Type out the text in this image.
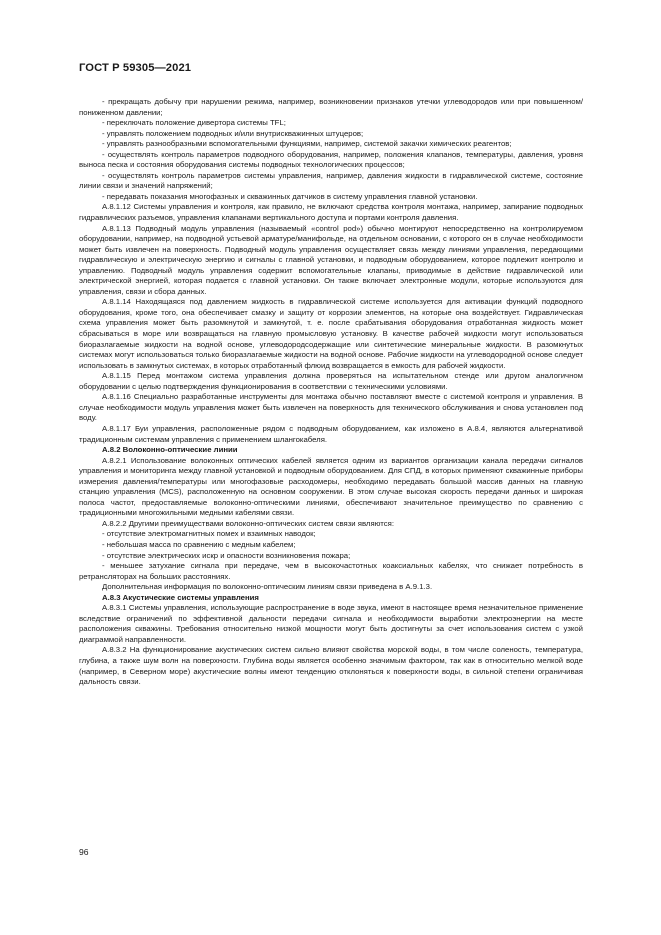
ГОСТ Р 59305—2021

- прекращать добычу при нарушении режима, например, возникновении признаков утечки углеводородов или при повышенном/пониженном давлении;

- переключать положение дивертора системы TFL;

- управлять положением подводных и/или внутрискважинных штуцеров;

- управлять разнообразными вспомогательными функциями, например, системой закачки химических реагентов;

- осуществлять контроль параметров подводного оборудования, например, положения клапанов, температуры, давления, уровня выноса песка и состояния оборудования системы подводных технологических процессов;

- осуществлять контроль параметров системы управления, например, давления жидкости в гидравлической системе, состояние линии связи и значений напряжений;

- передавать показания многофазных и скважинных датчиков в систему управления главной установки.

А.8.1.12 Системы управления и контроля, как правило, не включают средства контроля монтажа, например, запирание подводных гидравлических разъемов, управления клапанами вертикального доступа и портами контроля давления.

А.8.1.13 Подводный модуль управления (называемый «control pod») обычно монтируют непосредственно на контролируемом оборудовании, например, на подводной устьевой арматуре/манифольде, на отдельном основании, с которого он в случае необходимости может быть извлечен на поверхность. Подводный модуль управления осуществляет связь между линиями управления, передающими гидравлическую и электрическую энергию и сигналы с главной установки, и подводным оборудованием, которое подлежит контролю и управлению. Подводный модуль управления содержит вспомогательные клапаны, приводимые в действие гидравлической или электрической энергией, которая подается с главной установки. Он также включает электронные модули, которые используются для управления, связи и сбора данных.

А.8.1.14 Находящаяся под давлением жидкость в гидравлической системе используется для активации функций подводного оборудования, кроме того, она обеспечивает смазку и защиту от коррозии элементов, на которые она воздействует. Гидравлическая схема управления может быть разомкнутой и замкнутой, т. е. после срабатывания оборудования отработанная жидкость может сбрасываться в море или возвращаться на главную промысловую установку. В качестве рабочей жидкости могут использоваться биоразлагаемые жидкости на водной основе, углеводородсодержащие или синтетические минеральные жидкости. В разомкнутых системах могут использоваться только биоразлагаемые жидкости на водной основе. Рабочие жидкости на углеводородной основе следует использовать в замкнутых системах, в которых отработанный флюид возвращается в емкость для рабочей жидкости.

А.8.1.15 Перед монтажом система управления должна проверяться на испытательном стенде или другом аналогичном оборудовании с целью подтверждения функционирования в соответствии с техническими условиями.

А.8.1.16 Специально разработанные инструменты для монтажа обычно поставляют вместе с системой контроля и управления. В случае необходимости модуль управления может быть извлечен на поверхность для технического обслуживания и снова установлен под воду.

А.8.1.17 Буи управления, расположенные рядом с подводным оборудованием, как изложено в А.8.4, являются альтернативой традиционным системам управления с применением шлангокабеля.

А.8.2 Волоконно-оптические линии

А.8.2.1 Использование волоконных оптических кабелей является одним из вариантов организации канала передачи сигналов управления и мониторинга между главной установкой и подводным оборудованием. Для СПД, в которых применяют скважинные приборы измерения давления/температуры или многофазовые расходомеры, необходимо передавать большой массив данных на главную станцию управления (MCS), расположенную на основном сооружении. В этом случае высокая скорость передачи данных и широкая полоса частот, предоставляемые волоконно-оптическими линиями, обеспечивают значительное преимущество по сравнению с традиционными многожильными медными кабелями связи.

А.8.2.2 Другими преимуществами волоконно-оптических систем связи являются:

- отсутствие электромагнитных помех и взаимных наводок;

- небольшая масса по сравнению с медным кабелем;

- отсутствие электрических искр и опасности возникновения пожара;

- меньшее затухание сигнала при передаче, чем в высокочастотных коаксиальных кабелях, что снижает потребность в ретрансляторах на больших расстояниях.

Дополнительная информация по волоконно-оптическим линиям связи приведена в А.9.1.3.

А.8.3 Акустические системы управления

А.8.3.1 Системы управления, использующие распространение в воде звука, имеют в настоящее время незначительное применение вследствие ограничений по эффективной дальности передачи сигнала и необходимости выработки электроэнергии на месте расположения скважины. Требования относительно низкой мощности могут быть достигнуты за счет использования систем с узкой диаграммой направленности.

А.8.3.2 На функционирование акустических систем сильно влияют свойства морской воды, в том числе соленость, температура, глубина, а также шум волн на поверхности. Глубина воды является особенно значимым фактором, так как в относительно мелкой воде (например, в Северном море) акустические волны имеют тенденцию отклоняться к поверхности воды, в сильной степени ограничивая дальность связи.

96
